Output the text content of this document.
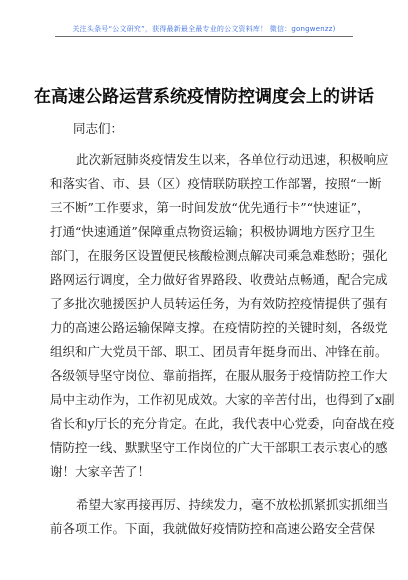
关注头条号“公文研究”，获得最新最全最专业的公文资料库！ 微信：gongwenzz)
在高速公路运营系统疫情防控调度会上的讲话
同志们：
此次新冠肺炎疫情发生以来，各单位行动迅速，积极响应
和落实省、市、县（区）疫情联防联控工作部署，按照“一断
三不断”工作要求，第一时间发放“优先通行卡”“快速证”，
打通“快速通道”保障重点物资运输；积极协调地方医疗卫生
部门，在服务区设置便民核酸检测点解决司乘急难愁盼；强化
路网运行调度，全力做好省界路段、收费站点畅通，配合完成
了多批次驰援医护人员转运任务，为有效防控疫情提供了强有
力的高速公路运输保障支撑。在疫情防控的关键时刻，各级党
组织和广大党员干部、职工、团员青年挺身而出、冲锋在前。
各级领导坚守岗位、靠前指挥，在服从服务于疫情防控工作大
局中主动作为，工作初见成效。大家的辛苦付出，也得到了x副
省长和y厅长的充分肯定。在此，我代表中心党委，向奋战在疫
情防控一线、默默坚守工作岗位的广大干部职工表示衷心的感
谢！大家辛苦了！
希望大家再接再厉、持续发力，毫不放松抓紧抓实抓细当
前各项工作。下面，我就做好疫情防控和高速公路安全营保
